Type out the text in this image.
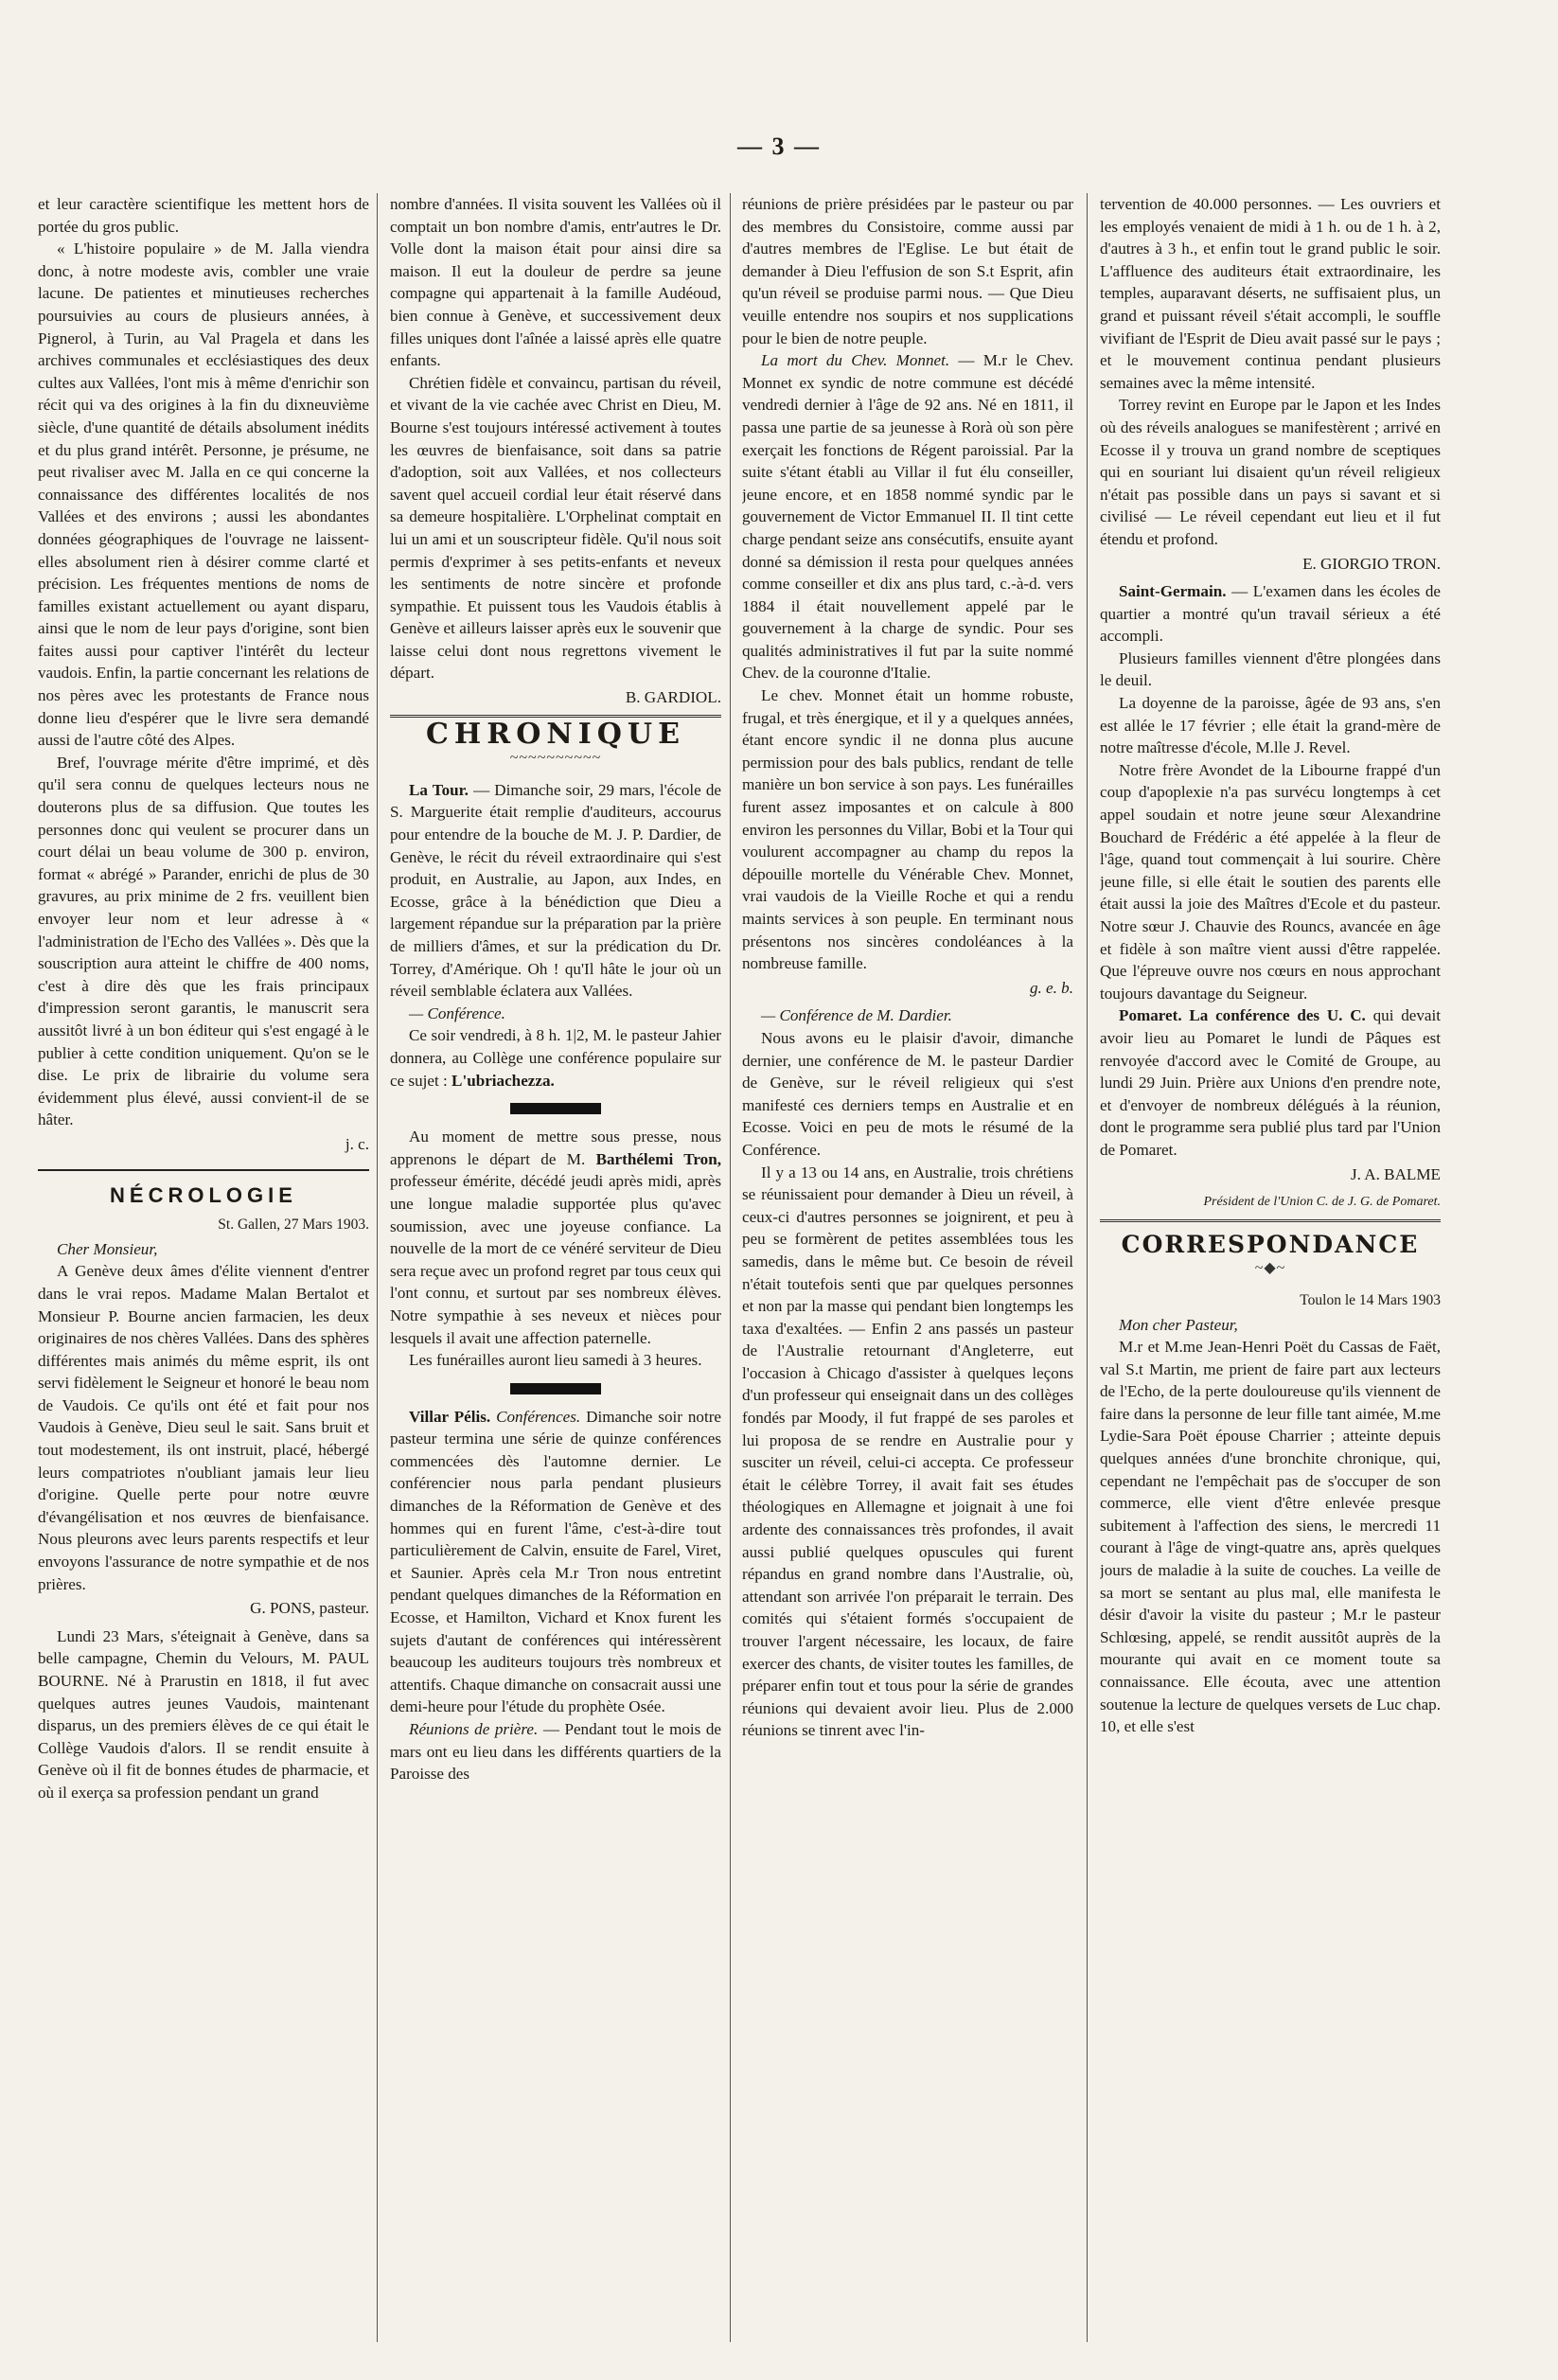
— 3 —

et leur caractère scientifique les mettent hors de portée du gros public.

« L'histoire populaire » de M. Jalla viendra donc, à notre modeste avis, combler une vraie lacune. De patientes et minutieuses recherches poursuivies au cours de plusieurs années, à Pignerol, à Turin, au Val Pragela et dans les archives communales et ecclésiastiques des deux cultes aux Vallées, l'ont mis à même d'enrichir son récit qui va des origines à la fin du dixneuvième siècle, d'une quantité de détails absolument inédits et du plus grand intérêt. Personne, je présume, ne peut rivaliser avec M. Jalla en ce qui concerne la connaissance des différentes localités de nos Vallées et des environs ; aussi les abondantes données géographiques de l'ouvrage ne laissent-elles absolument rien à désirer comme clarté et précision. Les fréquentes mentions de noms de familles existant actuellement ou ayant disparu, ainsi que le nom de leur pays d'origine, sont bien faites aussi pour captiver l'intérêt du lecteur vaudois. Enfin, la partie concernant les relations de nos pères avec les protestants de France nous donne lieu d'espérer que le livre sera demandé aussi de l'autre côté des Alpes.

Bref, l'ouvrage mérite d'être imprimé, et dès qu'il sera connu de quelques lecteurs nous ne douterons plus de sa diffusion. Que toutes les personnes donc qui veulent se procurer dans un court délai un beau volume de 300 p. environ, format « abrégé » Parander, enrichi de plus de 30 gravures, au prix minime de 2 frs. veuillent bien envoyer leur nom et leur adresse à « l'administration de l'Echo des Vallées ». Dès que la souscription aura atteint le chiffre de 400 noms, c'est à dire dès que les frais principaux d'impression seront garantis, le manuscrit sera aussitôt livré à un bon éditeur qui s'est engagé à le publier à cette condition uniquement. Qu'on se le dise. Le prix de librairie du volume sera évidemment plus élevé, aussi convient-il de se hâter.

j. c.
NÉCROLOGIE
St. Gallen, 27 Mars 1903.

Cher Monsieur,

A Genève deux âmes d'élite viennent d'entrer dans le vrai repos. Madame Malan Bertalot et Monsieur P. Bourne ancien farmacien, les deux originaires de nos chères Vallées. Dans des sphères différentes mais animés du même esprit, ils ont servi fidèlement le Seigneur et honoré le beau nom de Vaudois. Ce qu'ils ont été et fait pour nos Vaudois à Genève, Dieu seul le sait. Sans bruit et tout modestement, ils ont instruit, placé, hébergé leurs compatriotes n'oubliant jamais leur lieu d'origine. Quelle perte pour notre œuvre d'évangélisation et nos œuvres de bienfaisance. Nous pleurons avec leurs parents respectifs et leur envoyons l'assurance de notre sympathie et de nos prières.

G. PONS, pasteur.

Lundi 23 Mars, s'éteignait à Genève, dans sa belle campagne, Chemin du Velours, M. PAUL BOURNE. Né à Prarustin en 1818, il fut avec quelques autres jeunes Vaudois, maintenant disparus, un des premiers élèves de ce qui était le Collège Vaudois d'alors. Il se rendit ensuite à Genève où il fit de bonnes études de pharmacie, et où il exerça sa profession pendant un grand

nombre d'années. Il visita souvent les Vallées où il comptait un bon nombre d'amis, entr'autres le Dr. Volle dont la maison était pour ainsi dire sa maison. Il eut la douleur de perdre sa jeune compagne qui appartenait à la famille Audéoud, bien connue à Genève, et successivement deux filles uniques dont l'aînée a laissé après elle quatre enfants.

Chrétien fidèle et convaincu, partisan du réveil, et vivant de la vie cachée avec Christ en Dieu, M. Bourne s'est toujours intéressé activement à toutes les œuvres de bienfaisance, soit dans sa patrie d'adoption, soit aux Vallées, et nos collecteurs savent quel accueil cordial leur était réservé dans sa demeure hospitalière. L'Orphelinat comptait en lui un ami et un souscripteur fidèle. Qu'il nous soit permis d'exprimer à ses petits-enfants et neveux les sentiments de notre sincère et profonde sympathie. Et puissent tous les Vaudois établis à Genève et ailleurs laisser après eux le souvenir que laisse celui dont nous regrettons vivement le départ.

B. GARDIOL.
CHRONIQUE
~~~~~~~~~~

La Tour. — Dimanche soir, 29 mars, l'école de S. Marguerite était remplie d'auditeurs, accourus pour entendre de la bouche de M. J. P. Dardier, de Genève, le récit du réveil extraordinaire qui s'est produit, en Australie, au Japon, aux Indes, en Ecosse, grâce à la bénédiction que Dieu a largement répandue sur la préparation par la prière de milliers d'âmes, et sur la prédication du Dr. Torrey, d'Amérique. Oh ! qu'Il hâte le jour où un réveil semblable éclatera aux Vallées.

— Conférence.

Ce soir vendredi, à 8 h. 1|2, M. le pasteur Jahier donnera, au Collège une conférence populaire sur ce sujet : L'ubriachezza.

Au moment de mettre sous presse, nous apprenons le départ de M. Barthélemi Tron, professeur émérite, décédé jeudi après midi, après une longue maladie supportée plus qu'avec soumission, avec une joyeuse confiance. La nouvelle de la mort de ce vénéré serviteur de Dieu sera reçue avec un profond regret par tous ceux qui l'ont connu, et surtout par ses nombreux élèves. Notre sympathie à ses neveux et nièces pour lesquels il avait une affection paternelle.

Les funérailles auront lieu samedi à 3 heures.

Villar Pélis. Conférences. Dimanche soir notre pasteur termina une série de quinze conférences commencées dès l'automne dernier. Le conférencier nous parla pendant plusieurs dimanches de la Réformation de Genève et des hommes qui en furent l'âme, c'est-à-dire tout particulièrement de Calvin, ensuite de Farel, Viret, et Saunier. Après cela M.r Tron nous entretint pendant quelques dimanches de la Réformation en Ecosse, et Hamilton, Vichard et Knox furent les sujets d'autant de conférences qui intéressèrent beaucoup les auditeurs toujours très nombreux et attentifs. Chaque dimanche on consacrait aussi une demi-heure pour l'étude du prophète Osée.

Réunions de prière. — Pendant tout le mois de mars ont eu lieu dans les différents quartiers de la Paroisse des

réunions de prière présidées par le pasteur ou par des membres du Consistoire, comme aussi par d'autres membres de l'Eglise. Le but était de demander à Dieu l'effusion de son S.t Esprit, afin qu'un réveil se produise parmi nous. — Que Dieu veuille entendre nos soupirs et nos supplications pour le bien de notre peuple.

La mort du Chev. Monnet. — M.r le Chev. Monnet ex syndic de notre commune est décédé vendredi dernier à l'âge de 92 ans. Né en 1811, il passa une partie de sa jeunesse à Rorà où son père exerçait les fonctions de Régent paroissial. Par la suite s'étant établi au Villar il fut élu conseiller, jeune encore, et en 1858 nommé syndic par le gouvernement de Victor Emmanuel II. Il tint cette charge pendant seize ans consécutifs, ensuite ayant donné sa démission il resta pour quelques années comme conseiller et dix ans plus tard, c.-à-d. vers 1884 il était nouvellement appelé par le gouvernement à la charge de syndic. Pour ses qualités administratives il fut par la suite nommé Chev. de la couronne d'Italie.

Le chev. Monnet était un homme robuste, frugal, et très énergique, et il y a quelques années, étant encore syndic il ne donna plus aucune permission pour des bals publics, rendant de telle manière un bon service à son pays. Les funérailles furent assez imposantes et on calcule à 800 environ les personnes du Villar, Bobi et la Tour qui voulurent accompagner au champ du repos la dépouille mortelle du Vénérable Chev. Monnet, vrai vaudois de la Vieille Roche et qui a rendu maints services à son peuple. En terminant nous présentons nos sincères condoléances à la nombreuse famille.

g. e. b.

— Conférence de M. Dardier.

Nous avons eu le plaisir d'avoir, dimanche dernier, une conférence de M. le pasteur Dardier de Genève, sur le réveil religieux qui s'est manifesté ces derniers temps en Australie et en Ecosse. Voici en peu de mots le résumé de la Conférence.

Il y a 13 ou 14 ans, en Australie, trois chrétiens se réunissaient pour demander à Dieu un réveil, à ceux-ci d'autres personnes se joignirent, et peu à peu se formèrent de petites assemblées tous les samedis, dans le même but. Ce besoin de réveil n'était toutefois senti que par quelques personnes et non par la masse qui pendant bien longtemps les taxa d'exaltées. — Enfin 2 ans passés un pasteur de l'Australie retournant d'Angleterre, eut l'occasion à Chicago d'assister à quelques leçons d'un professeur qui enseignait dans un des collèges fondés par Moody, il fut frappé de ses paroles et lui proposa de se rendre en Australie pour y susciter un réveil, celui-ci accepta. Ce professeur était le célèbre Torrey, il avait fait ses études théologiques en Allemagne et joignait à une foi ardente des connaissances très profondes, il avait aussi publié quelques opuscules qui furent répandus en grand nombre dans l'Australie, où, attendant son arrivée l'on préparait le terrain. Des comités qui s'étaient formés s'occupaient de trouver l'argent nécessaire, les locaux, de faire exercer des chants, de visiter toutes les familles, de préparer enfin tout et tous pour la série de grandes réunions qui devaient avoir lieu. Plus de 2.000 réunions se tinrent avec l'in-

tervention de 40.000 personnes. — Les ouvriers et les employés venaient de midi à 1 h. ou de 1 h. à 2, d'autres à 3 h., et enfin tout le grand public le soir. L'affluence des auditeurs était extraordinaire, les temples, auparavant déserts, ne suffisaient plus, un grand et puissant réveil s'était accompli, le souffle vivifiant de l'Esprit de Dieu avait passé sur le pays ; et le mouvement continua pendant plusieurs semaines avec la même intensité.

Torrey revint en Europe par le Japon et les Indes où des réveils analogues se manifestèrent ; arrivé en Ecosse il y trouva un grand nombre de sceptiques qui en souriant lui disaient qu'un réveil religieux n'était pas possible dans un pays si savant et si civilisé — Le réveil cependant eut lieu et il fut étendu et profond.

E. GIORGIO TRON.

Saint-Germain. — L'examen dans les écoles de quartier a montré qu'un travail sérieux a été accompli.

Plusieurs familles viennent d'être plongées dans le deuil.

La doyenne de la paroisse, âgée de 93 ans, s'en est allée le 17 février ; elle était la grand-mère de notre maîtresse d'école, M.lle J. Revel.

Notre frère Avondet de la Libourne frappé d'un coup d'apoplexie n'a pas survécu longtemps à cet appel soudain et notre jeune sœur Alexandrine Bouchard de Frédéric a été appelée à la fleur de l'âge, quand tout commençait à lui sourire. Chère jeune fille, si elle était le soutien des parents elle était aussi la joie des Maîtres d'Ecole et du pasteur. Notre sœur J. Chauvie des Rouncs, avancée en âge et fidèle à son maître vient aussi d'être rappelée. Que l'épreuve ouvre nos cœurs en nous approchant toujours davantage du Seigneur.

Pomaret. La conférence des U. C. qui devait avoir lieu au Pomaret le lundi de Pâques est renvoyée d'accord avec le Comité de Groupe, au lundi 29 Juin. Prière aux Unions d'en prendre note, et d'envoyer de nombreux délégués à la réunion, dont le programme sera publié plus tard par l'Union de Pomaret.

J. A. BALME
Président de l'Union C. de J. G. de Pomaret.
CORRESPONDANCE
~◆~
Toulon le 14 Mars 1903

Mon cher Pasteur,

M.r et M.me Jean-Henri Poët du Cassas de Faët, val S.t Martin, me prient de faire part aux lecteurs de l'Echo, de la perte douloureuse qu'ils viennent de faire dans la personne de leur fille tant aimée, M.me Lydie-Sara Poët épouse Charrier ; atteinte depuis quelques années d'une bronchite chronique, qui, cependant ne l'empêchait pas de s'occuper de son commerce, elle vient d'être enlevée presque subitement à l'affection des siens, le mercredi 11 courant à l'âge de vingt-quatre ans, après quelques jours de maladie à la suite de couches. La veille de sa mort se sentant au plus mal, elle manifesta le désir d'avoir la visite du pasteur ; M.r le pasteur Schlœsing, appelé, se rendit aussitôt auprès de la mourante qui avait en ce moment toute sa connaissance. Elle écouta, avec une attention soutenue la lecture de quelques versets de Luc chap. 10, et elle s'est
